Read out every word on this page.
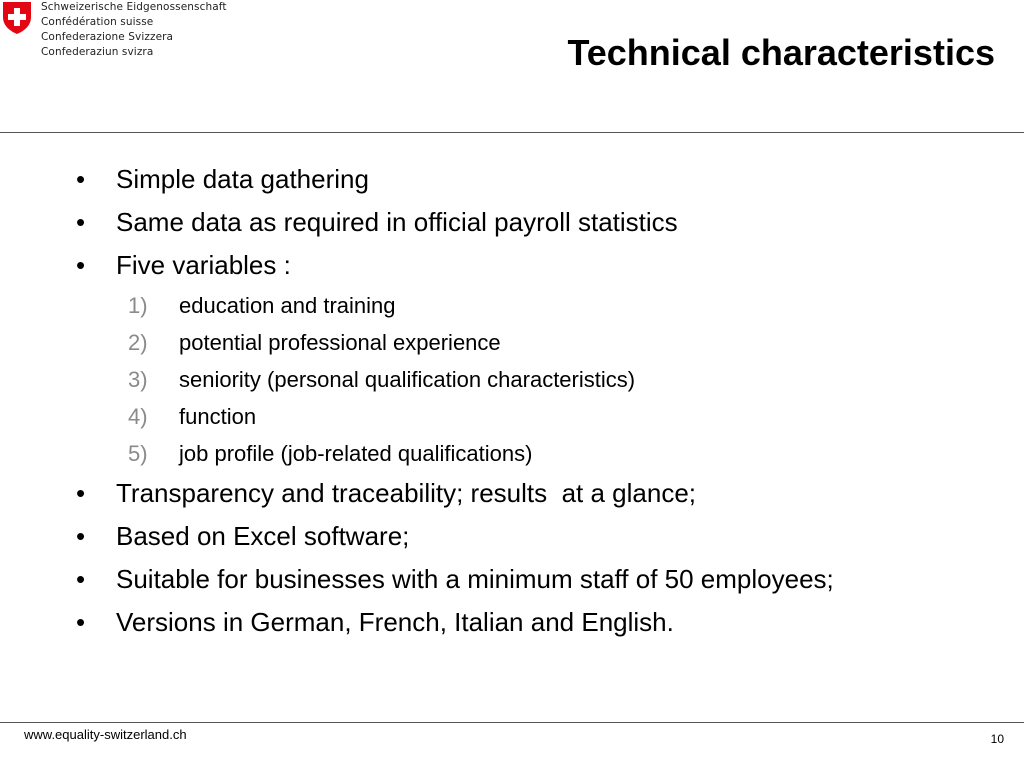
Schweizerische Eidgenossenschaft
Confédération suisse
Confederazione Svizzera
Confederaziun svizra	Technical characteristics
• Simple data gathering
• Same data as required in official payroll statistics
• Five variables :
1) education and training
2) potential professional experience
3) seniority (personal qualification characteristics)
4) function
5) job profile (job-related qualifications)
• Transparency and traceability; results  at a glance;
• Based on Excel software;
• Suitable for businesses with a minimum staff of 50 employees;
• Versions in German, French, Italian and English.
www.equality-switzerland.ch	10
